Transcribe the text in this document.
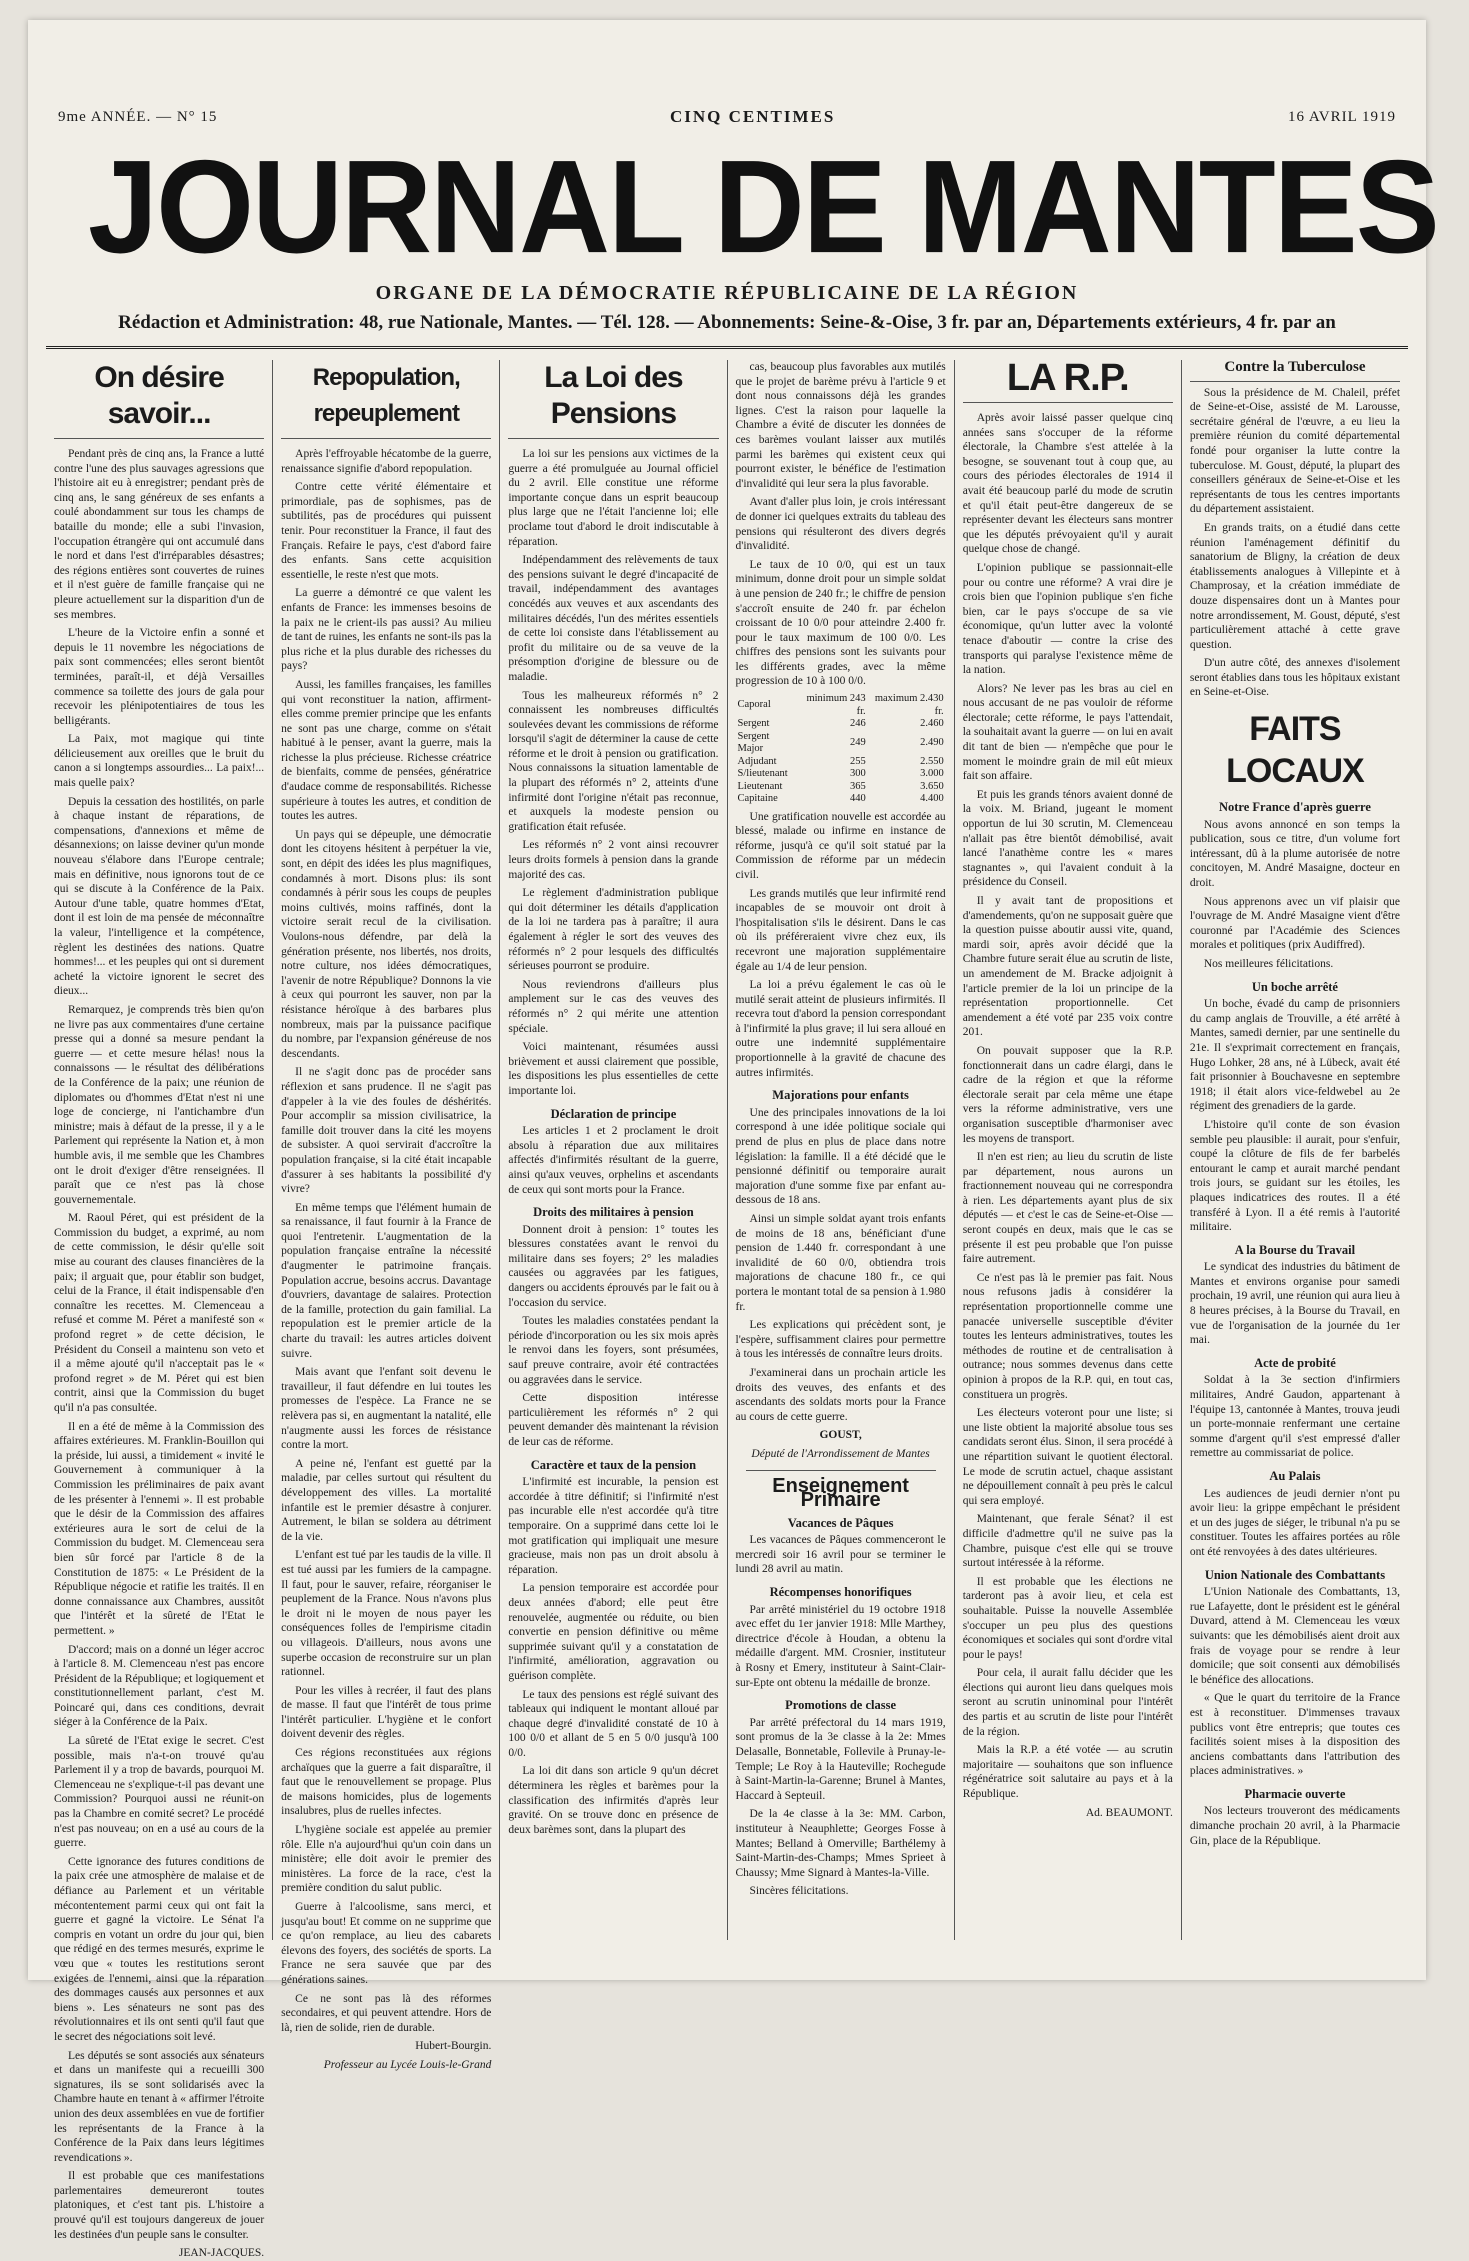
9me ANNÉE. — N° 15	CINQ CENTIMES	16 AVRIL 1919
JOURNAL DE MANTES
ORGANE DE LA DÉMOCRATIE RÉPUBLICAINE DE LA RÉGION
Rédaction et Administration: 48, rue Nationale, Mantes. — Tél. 128. — Abonnements: Seine-&-Oise, 3 fr. par an, Départements extérieurs, 4 fr. par an
On désire savoir...

Pendant près de cinq ans, la France a lutté contre l'une des plus sauvages agressions que l'histoire ait eu à enregistrer; pendant près de cinq ans, le sang généreux de ses enfants a coulé abondamment sur tous les champs de bataille du monde; elle a subi l'invasion, l'occupation étrangère qui ont accumulé dans le nord et dans l'est d'irréparables désastres; des régions entières sont couvertes de ruines et il n'est guère de famille française qui ne pleure actuellement sur la disparition d'un de ses membres.

L'heure de la Victoire enfin a sonné et depuis le 11 novembre les négociations de paix sont commencées; elles seront bientôt terminées, paraît-il, et déjà Versailles commence sa toilette des jours de gala pour recevoir les plénipotentiaires de tous les belligérants.

La Paix, mot magique qui tinte délicieusement aux oreilles que le bruit du canon a si longtemps assourdies... La paix!... mais quelle paix?

Depuis la cessation des hostilités, on parle à chaque instant de réparations, de compensations, d'annexions et même de désannexions; on laisse deviner qu'un monde nouveau s'élabore dans l'Europe centrale; mais en définitive, nous ignorons tout de ce qui se discute à la Conférence de la Paix. Autour d'une table, quatre hommes d'Etat, dont il est loin de ma pensée de méconnaître la valeur, l'intelligence et la compétence, règlent les destinées des nations. Quatre hommes!... et les peuples qui ont si durement acheté la victoire ignorent le secret des dieux...

Remarquez, je comprends très bien qu'on ne livre pas aux commentaires d'une certaine presse qui a donné sa mesure pendant la guerre — et cette mesure hélas! nous la connaissons — le résultat des délibérations de la Conférence de la paix; une réunion de diplomates ou d'hommes d'Etat n'est ni une loge de concierge, ni l'antichambre d'un ministre; mais à défaut de la presse, il y a le Parlement qui représente la Nation et, à mon humble avis, il me semble que les Chambres ont le droit d'exiger d'être renseignées. Il paraît que ce n'est pas là chose gouvernementale.

M. Raoul Péret, qui est président de la Commission du budget, a exprimé, au nom de cette commission, le désir qu'elle soit mise au courant des clauses financières de la paix; il arguait que, pour établir son budget, celui de la France, il était indispensable d'en connaître les recettes. M. Clemenceau a refusé et comme M. Péret a manifesté son « profond regret » de cette décision, le Président du Conseil a maintenu son veto et il a même ajouté qu'il n'acceptait pas le « profond regret » de M. Péret qui est bien contrit, ainsi que la Commission du buget qu'il n'a pas consultée.

Il en a été de même à la Commission des affaires extérieures. M. Franklin-Bouillon qui la préside, lui aussi, a timidement « invité le Gouvernement à communiquer à la Commission les préliminaires de paix avant de les présenter à l'ennemi ». Il est probable que le désir de la Commission des affaires extérieures aura le sort de celui de la Commission du budget. M. Clemenceau sera bien sûr forcé par l'article 8 de la Constitution de 1875: « Le Président de la République négocie et ratifie les traités. Il en donne connaissance aux Chambres, aussitôt que l'intérêt et la sûreté de l'Etat le permettent. »

D'accord; mais on a donné un léger accroc à l'article 8. M. Clemenceau n'est pas encore Président de la République; et logiquement et constitutionnellement parlant, c'est M. Poincaré qui, dans ces conditions, devrait siéger à la Conférence de la Paix.

La sûreté de l'Etat exige le secret. C'est possible, mais n'a-t-on trouvé qu'au Parlement il y a trop de bavards, pourquoi M. Clemenceau ne s'explique-t-il pas devant une Commission? Pourquoi aussi ne réunit-on pas la Chambre en comité secret? Le procédé n'est pas nouveau; on en a usé au cours de la guerre.

Cette ignorance des futures conditions de la paix crée une atmosphère de malaise et de défiance au Parlement et un véritable mécontentement parmi ceux qui ont fait la guerre et gagné la victoire. Le Sénat l'a compris en votant un ordre du jour qui, bien que rédigé en des termes mesurés, exprime le vœu que « toutes les restitutions seront exigées de l'ennemi, ainsi que la réparation des dommages causés aux personnes et aux biens ». Les sénateurs ne sont pas des révolutionnaires et ils ont senti qu'il faut que le secret des négociations soit levé.

Les députés se sont associés aux sénateurs et dans un manifeste qui a recueilli 300 signatures, ils se sont solidarisés avec la Chambre haute en tenant à « affirmer l'étroite union des deux assemblées en vue de fortifier les représentants de la France à la Conférence de la Paix dans leurs légitimes revendications ».

Il est probable que ces manifestations parlementaires demeureront toutes platoniques, et c'est tant pis. L'histoire a prouvé qu'il est toujours dangereux de jouer les destinées d'un peuple sans le consulter.

JEAN-JACQUES.
Repopulation, repeuplement

Après l'effroyable hécatombe de la guerre, renaissance signifie d'abord repopulation.

Contre cette vérité élémentaire et primordiale, pas de sophismes, pas de subtilités, pas de procédures qui puissent tenir. Pour reconstituer la France, il faut des Français. Refaire le pays, c'est d'abord faire des enfants. Sans cette acquisition essentielle, le reste n'est que mots.

La guerre a démontré ce que valent les enfants de France: les immenses besoins de la paix ne le crient-ils pas aussi? Au milieu de tant de ruines, les enfants ne sont-ils pas la plus riche et la plus durable des richesses du pays?

Aussi, les familles françaises, les familles qui vont reconstituer la nation, affirment-elles comme premier principe que les enfants ne sont pas une charge, comme on s'était habitué à le penser, avant la guerre, mais la richesse la plus précieuse. Richesse créatrice de bienfaits, comme de pensées, génératrice d'audace comme de responsabilités. Richesse supérieure à toutes les autres, et condition de toutes les autres.

Un pays qui se dépeuple, une démocratie dont les citoyens hésitent à perpétuer la vie, sont, en dépit des idées les plus magnifiques, condamnés à mort. Disons plus: ils sont condamnés à périr sous les coups de peuples moins cultivés, moins raffinés, dont la victoire serait recul de la civilisation. Voulons-nous défendre, par delà la génération présente, nos libertés, nos droits, notre culture, nos idées démocratiques, l'avenir de notre République? Donnons la vie à ceux qui pourront les sauver, non par la résistance héroïque à des barbares plus nombreux, mais par la puissance pacifique du nombre, par l'expansion généreuse de nos descendants.

Il ne s'agit donc pas de procéder sans réflexion et sans prudence. Il ne s'agit pas d'appeler à la vie des foules de déshérités. Pour accomplir sa mission civilisatrice, la famille doit trouver dans la cité les moyens de subsister. A quoi servirait d'accroître la population française, si la cité était incapable d'assurer à ses habitants la possibilité d'y vivre?

En même temps que l'élément humain de sa renaissance, il faut fournir à la France de quoi l'entretenir. L'augmentation de la population française entraîne la nécessité d'augmenter le patrimoine français. Population accrue, besoins accrus. Davantage d'ouvriers, davantage de salaires. Protection de la famille, protection du gain familial. La repopulation est le premier article de la charte du travail: les autres articles doivent suivre.

Mais avant que l'enfant soit devenu le travailleur, il faut défendre en lui toutes les promesses de l'espèce. La France ne se relèvera pas si, en augmentant la natalité, elle n'augmente aussi les forces de résistance contre la mort.

A peine né, l'enfant est guetté par la maladie, par celles surtout qui résultent du développement des villes. La mortalité infantile est le premier désastre à conjurer. Autrement, le bilan se soldera au détriment de la vie.

L'enfant est tué par les taudis de la ville. Il est tué aussi par les fumiers de la campagne. Il faut, pour le sauver, refaire, réorganiser le peuplement de la France. Nous n'avons plus le droit ni le moyen de nous payer les conséquences folles de l'empirisme citadin ou villageois. D'ailleurs, nous avons une superbe occasion de reconstruire sur un plan rationnel.

Pour les villes à recréer, il faut des plans de masse. Il faut que l'intérêt de tous prime l'intérêt particulier. L'hygiène et le confort doivent devenir des règles.

Ces régions reconstituées aux régions archaïques que la guerre a fait disparaître, il faut que le renouvellement se propage. Plus de maisons homicides, plus de logements insalubres, plus de ruelles infectes.

L'hygiène sociale est appelée au premier rôle. Elle n'a aujourd'hui qu'un coin dans un ministère; elle doit avoir le premier des ministères. La force de la race, c'est la première condition du salut public.

Guerre à l'alcoolisme, sans merci, et jusqu'au bout! Et comme on ne supprime que ce qu'on remplace, au lieu des cabarets élevons des foyers, des sociétés de sports. La France ne sera sauvée que par des générations saines.

Ce ne sont pas là des réformes secondaires, et qui peuvent attendre. Hors de là, rien de solide, rien de durable.

Hubert-Bourgin.
Professeur au Lycée Louis-le-Grand
La Loi des Pensions

La loi sur les pensions aux victimes de la guerre a été promulguée au Journal officiel du 2 avril. Elle constitue une réforme importante conçue dans un esprit beaucoup plus large que ne l'était l'ancienne loi; elle proclame tout d'abord le droit indiscutable à réparation.

Indépendamment des relèvements de taux des pensions suivant le degré d'incapacité de travail, indépendamment des avantages concédés aux veuves et aux ascendants des militaires décédés, l'un des mérites essentiels de cette loi consiste dans l'établissement au profit du militaire ou de sa veuve de la présomption d'origine de blessure ou de maladie.

Tous les malheureux réformés n° 2 connaissent les nombreuses difficultés soulevées devant les commissions de réforme lorsqu'il s'agit de déterminer la cause de cette réforme et le droit à pension ou gratification. Nous connaissons la situation lamentable de la plupart des réformés n° 2, atteints d'une infirmité dont l'origine n'était pas reconnue, et auxquels la modeste pension ou gratification était refusée.

Les réformés n° 2 vont ainsi recouvrer leurs droits formels à pension dans la grande majorité des cas.

Le règlement d'administration publique qui doit déterminer les détails d'application de la loi ne tardera pas à paraître; il aura également à régler le sort des veuves des réformés n° 2 pour lesquels des difficultés sérieuses pourront se produire.

Nous reviendrons d'ailleurs plus amplement sur le cas des veuves des réformés n° 2 qui mérite une attention spéciale.

Voici maintenant, résumées aussi brièvement et aussi clairement que possible, les dispositions les plus essentielles de cette importante loi.

Déclaration de principe

Les articles 1 et 2 proclament le droit absolu à réparation due aux militaires affectés d'infirmités résultant de la guerre, ainsi qu'aux veuves, orphelins et ascendants de ceux qui sont morts pour la France.

Droits des militaires à pension

Donnent droit à pension: 1° toutes les blessures constatées avant le renvoi du militaire dans ses foyers; 2° les maladies causées ou aggravées par les fatigues, dangers ou accidents éprouvés par le fait ou à l'occasion du service.

Toutes les maladies constatées pendant la période d'incorporation ou les six mois après le renvoi dans les foyers, sont présumées, sauf preuve contraire, avoir été contractées ou aggravées dans le service.

Cette disposition intéresse particulièrement les réformés n° 2 qui peuvent demander dès maintenant la révision de leur cas de réforme.

Caractère et taux de la pension

L'infirmité est incurable, la pension est accordée à titre définitif; si l'infirmité n'est pas incurable elle n'est accordée qu'à titre temporaire. On a supprimé dans cette loi le mot gratification qui impliquait une mesure gracieuse, mais non pas un droit absolu à réparation.

La pension temporaire est accordée pour deux années d'abord; elle peut être renouvelée, augmentée ou réduite, ou bien convertie en pension définitive ou même supprimée suivant qu'il y a constatation de l'infirmité, amélioration, aggravation ou guérison complète.

Le taux des pensions est réglé suivant des tableaux qui indiquent le montant alloué par chaque degré d'invalidité constaté de 10 à 100 0/0 et allant de 5 en 5 0/0 jusqu'à 100 0/0.

La loi dit dans son article 9 qu'un décret déterminera les règles et barèmes pour la classification des infirmités d'après leur gravité. On se trouve donc en présence de deux barèmes sont, dans la plupart des

cas, beaucoup plus favorables aux mutilés que le projet de barème prévu à l'article 9 et dont nous connaissons déjà les grandes lignes. C'est la raison pour laquelle la Chambre a évité de discuter les données de ces barèmes voulant laisser aux mutilés parmi les barèmes qui existent ceux qui pourront exister, le bénéfice de l'estimation d'invalidité qui leur sera la plus favorable.

Avant d'aller plus loin, je crois intéressant de donner ici quelques extraits du tableau des pensions qui résulteront des divers degrés d'invalidité.

Le taux de 10 0/0, qui est un taux minimum, donne droit pour un simple soldat à une pension de 240 fr.; le chiffre de pension s'accroît ensuite de 240 fr. par échelon croissant de 10 0/0 pour atteindre 2.400 fr. pour le taux maximum de 100 0/0. Les chiffres des pensions sont les suivants pour les différents grades, avec la même progression de 10 à 100 0/0.

Caporal	minimum 243 fr.	maximum 2.430 fr.
Sergent	246	2.460
Sergent Major	249	2.490
Adjudant	255	2.550
S/lieutenant	300	3.000
Lieutenant	365	3.650
Capitaine	440	4.400

Une gratification nouvelle est accordée au blessé, malade ou infirme en instance de réforme, jusqu'à ce qu'il soit statué par la Commission de réforme par un médecin civil.

Les grands mutilés que leur infirmité rend incapables de se mouvoir ont droit à l'hospitalisation s'ils le désirent. Dans le cas où ils préféreraient vivre chez eux, ils recevront une majoration supplémentaire égale au 1/4 de leur pension.

La loi a prévu également le cas où le mutilé serait atteint de plusieurs infirmités. Il recevra tout d'abord la pension correspondant à l'infirmité la plus grave; il lui sera alloué en outre une indemnité supplémentaire proportionnelle à la gravité de chacune des autres infirmités.

Majorations pour enfants

Une des principales innovations de la loi correspond à une idée politique sociale qui prend de plus en plus de place dans notre législation: la famille. Il a été décidé que le pensionné définitif ou temporaire aurait majoration d'une somme fixe par enfant au-dessous de 18 ans.

Ainsi un simple soldat ayant trois enfants de moins de 18 ans, bénéficiant d'une pension de 1.440 fr. correspondant à une invalidité de 60 0/0, obtiendra trois majorations de chacune 180 fr., ce qui portera le montant total de sa pension à 1.980 fr.

Les explications qui précèdent sont, je l'espère, suffisamment claires pour permettre à tous les intéressés de connaître leurs droits.

J'examinerai dans un prochain article les droits des veuves, des enfants et des ascendants des soldats morts pour la France au cours de cette guerre.

GOUST,
Député de l'Arrondissement de Mantes
Enseignement Primaire
Vacances de Pâques

Les vacances de Pâques commenceront le mercredi soir 16 avril pour se terminer le lundi 28 avril au matin.

Récompenses honorifiques

Par arrêté ministériel du 19 octobre 1918 avec effet du 1er janvier 1918: Mlle Marthey, directrice d'école à Houdan, a obtenu la médaille d'argent. MM. Crosnier, instituteur à Rosny et Emery, instituteur à Saint-Clair-sur-Epte ont obtenu la médaille de bronze.

Promotions de classe

Par arrêté préfectoral du 14 mars 1919, sont promus de la 3e classe à la 2e: Mmes Delasalle, Bonnetable, Follevile à Prunay-le-Temple; Le Roy à la Hauteville; Rochegude à Saint-Martin-la-Garenne; Brunel à Mantes, Haccard à Septeuil.

De la 4e classe à la 3e: MM. Carbon, instituteur à Neauphlette; Georges Fosse à Mantes; Belland à Omerville; Barthélemy à Saint-Martin-des-Champs; Mmes Sprieet à Chaussy; Mme Signard à Mantes-la-Ville.

Sincères félicitations.

LA R.P.

Après avoir laissé passer quelque cinq années sans s'occuper de la réforme électorale, la Chambre s'est attelée à la besogne, se souvenant tout à coup que, au cours des périodes électorales de 1914 il avait été beaucoup parlé du mode de scrutin et qu'il était peut-être dangereux de se représenter devant les électeurs sans montrer que les députés prévoyaient qu'il y aurait quelque chose de changé.

L'opinion publique se passionnait-elle pour ou contre une réforme? A vrai dire je crois bien que l'opinion publique s'en fiche bien, car le pays s'occupe de sa vie économique, qu'un lutter avec la volonté tenace d'aboutir — contre la crise des transports qui paralyse l'existence même de la nation.

Alors? Ne lever pas les bras au ciel en nous accusant de ne pas vouloir de réforme électorale; cette réforme, le pays l'attendait, la souhaitait avant la guerre — on lui en avait dit tant de bien — n'empêche que pour le moment le moindre grain de mil eût mieux fait son affaire.

Et puis les grands ténors avaient donné de la voix. M. Briand, jugeant le moment opportun de lui 30 scrutin, M. Clemenceau n'allait pas être bientôt démobilisé, avait lancé l'anathème contre les « mares stagnantes », qui l'avaient conduit à la présidence du Conseil.

Il y avait tant de propositions et d'amendements, qu'on ne supposait guère que la question puisse aboutir aussi vite, quand, mardi soir, après avoir décidé que la Chambre future serait élue au scrutin de liste, un amendement de M. Bracke adjoignit à l'article premier de la loi un principe de la représentation proportionnelle. Cet amendement a été voté par 235 voix contre 201.

On pouvait supposer que la R.P. fonctionnerait dans un cadre élargi, dans le cadre de la région et que la réforme électorale serait par cela même une étape vers la réforme administrative, vers une organisation susceptible d'harmoniser avec les moyens de transport.

Il n'en est rien; au lieu du scrutin de liste par département, nous aurons un fractionnement nouveau qui ne correspondra à rien. Les départements ayant plus de six députés — et c'est le cas de Seine-et-Oise — seront coupés en deux, mais que le cas se présente il est peu probable que l'on puisse faire autrement.

Ce n'est pas là le premier pas fait. Nous nous refusons jadis à considérer la représentation proportionnelle comme une panacée universelle susceptible d'éviter toutes les lenteurs administratives, toutes les méthodes de routine et de centralisation à outrance; nous sommes devenus dans cette opinion à propos de la R.P. qui, en tout cas, constituera un progrès.

Les électeurs voteront pour une liste; si une liste obtient la majorité absolue tous ses candidats seront élus. Sinon, il sera procédé à une répartition suivant le quotient électoral. Le mode de scrutin actuel, chaque assistant ne dépouillement connaît à peu près le calcul qui sera employé.

Maintenant, que ferale Sénat? il est difficile d'admettre qu'il ne suive pas la Chambre, puisque c'est elle qui se trouve surtout intéressée à la réforme.

Il est probable que les élections ne tarderont pas à avoir lieu, et cela est souhaitable. Puisse la nouvelle Assemblée s'occuper un peu plus des questions économiques et sociales qui sont d'ordre vital pour le pays!

Pour cela, il aurait fallu décider que les élections qui auront lieu dans quelques mois seront au scrutin uninominal pour l'intérêt des partis et au scrutin de liste pour l'intérêt de la région.

Mais la R.P. a été votée — au scrutin majoritaire — souhaitons que son influence régénératrice soit salutaire au pays et à la République.

Ad. BEAUMONT.
Contre la Tuberculose

Sous la présidence de M. Chaleil, préfet de Seine-et-Oise, assisté de M. Larousse, secrétaire général de l'œuvre, a eu lieu la première réunion du comité départemental fondé pour organiser la lutte contre la tuberculose. M. Goust, député, la plupart des conseillers généraux de Seine-et-Oise et les représentants de tous les centres importants du département assistaient.

En grands traits, on a étudié dans cette réunion l'aménagement définitif du sanatorium de Bligny, la création de deux établissements analogues à Villepinte et à Champrosay, et la création immédiate de douze dispensaires dont un à Mantes pour notre arrondissement, M. Goust, député, s'est particulièrement attaché à cette grave question.

D'un autre côté, des annexes d'isolement seront établies dans tous les hôpitaux existant en Seine-et-Oise.

FAITS LOCAUX
Notre France d'après guerre

Nous avons annoncé en son temps la publication, sous ce titre, d'un volume fort intéressant, dû à la plume autorisée de notre concitoyen, M. André Masaigne, docteur en droit.

Nous apprenons avec un vif plaisir que l'ouvrage de M. André Masaigne vient d'être couronné par l'Académie des Sciences morales et politiques (prix Audiffred).

Nos meilleures félicitations.

Un boche arrêté

Un boche, évadé du camp de prisonniers du camp anglais de Trouville, a été arrêté à Mantes, samedi dernier, par une sentinelle du 21e. Il s'exprimait correctement en français, Hugo Lohker, 28 ans, né à Lübeck, avait été fait prisonnier à Bouchavesne en septembre 1918; il était alors vice-feldwebel au 2e régiment des grenadiers de la garde.

L'histoire qu'il conte de son évasion semble peu plausible: il aurait, pour s'enfuir, coupé la clôture de fils de fer barbelés entourant le camp et aurait marché pendant trois jours, se guidant sur les étoiles, les plaques indicatrices des routes. Il a été transféré à Lyon. Il a été remis à l'autorité militaire.

A la Bourse du Travail

Le syndicat des industries du bâtiment de Mantes et environs organise pour samedi prochain, 19 avril, une réunion qui aura lieu à 8 heures précises, à la Bourse du Travail, en vue de l'organisation de la journée du 1er mai.

Acte de probité

Soldat à la 3e section d'infirmiers militaires, André Gaudon, appartenant à l'équipe 13, cantonnée à Mantes, trouva jeudi un porte-monnaie renfermant une certaine somme d'argent qu'il s'est empressé d'aller remettre au commissariat de police.

Au Palais

Les audiences de jeudi dernier n'ont pu avoir lieu: la grippe empêchant le président et un des juges de siéger, le tribunal n'a pu se constituer. Toutes les affaires portées au rôle ont été renvoyées à des dates ultérieures.

Union Nationale des Combattants

L'Union Nationale des Combattants, 13, rue Lafayette, dont le président est le général Duvard, attend à M. Clemenceau les vœux suivants: que les démobilisés aient droit aux frais de voyage pour se rendre à leur domicile; que soit consenti aux démobilisés le bénéfice des allocations.

« Que le quart du territoire de la France est à reconstituer. D'immenses travaux publics vont être entrepris; que toutes ces facilités soient mises à la disposition des anciens combattants dans l'attribution des places administratives. »

Pharmacie ouverte

Nos lecteurs trouveront des médicaments dimanche prochain 20 avril, à la Pharmacie Gin, place de la République.
